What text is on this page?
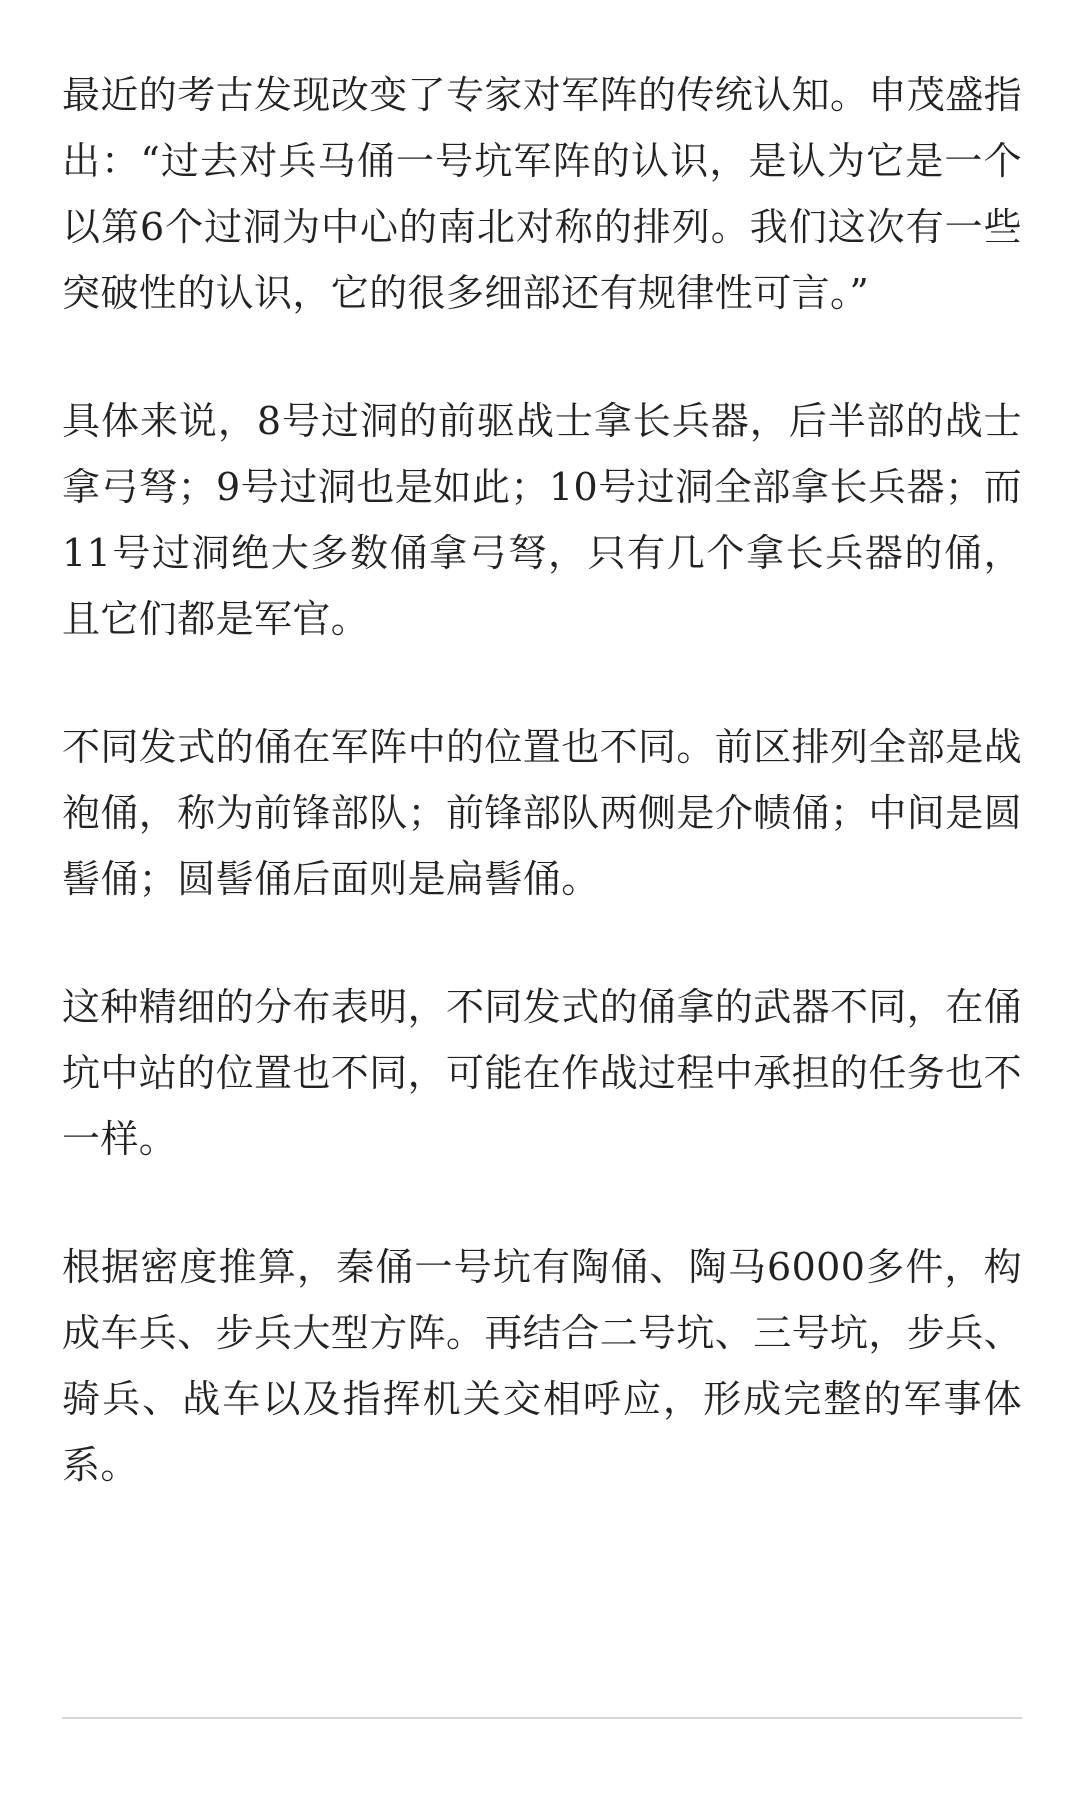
最近的考古发现改变了专家对军阵的传统认知。申茂盛指出：“过去对兵马俑一号坑军阵的认识，是认为它是一个以第6个过洞为中心的南北对称的排列。我们这次有一些突破性的认识，它的很多细部还有规律性可言。”

具体来说，8号过洞的前驱战士拿长兵器，后半部的战士拿弓弩；9号过洞也是如此；10号过洞全部拿长兵器；而11号过洞绝大多数俑拿弓弩，只有几个拿长兵器的俑，且它们都是军官。

不同发式的俑在军阵中的位置也不同。前区排列全部是战袍俑，称为前锋部队；前锋部队两侧是介帻俑；中间是圆髻俑；圆髻俑后面则是扁髻俑。

这种精细的分布表明，不同发式的俑拿的武器不同，在俑坑中站的位置也不同，可能在作战过程中承担的任务也不一样。

根据密度推算，秦俑一号坑有陶俑、陶马6000多件，构成车兵、步兵大型方阵。再结合二号坑、三号坑，步兵、骑兵、战车以及指挥机关交相呼应，形成完整的军事体系。
